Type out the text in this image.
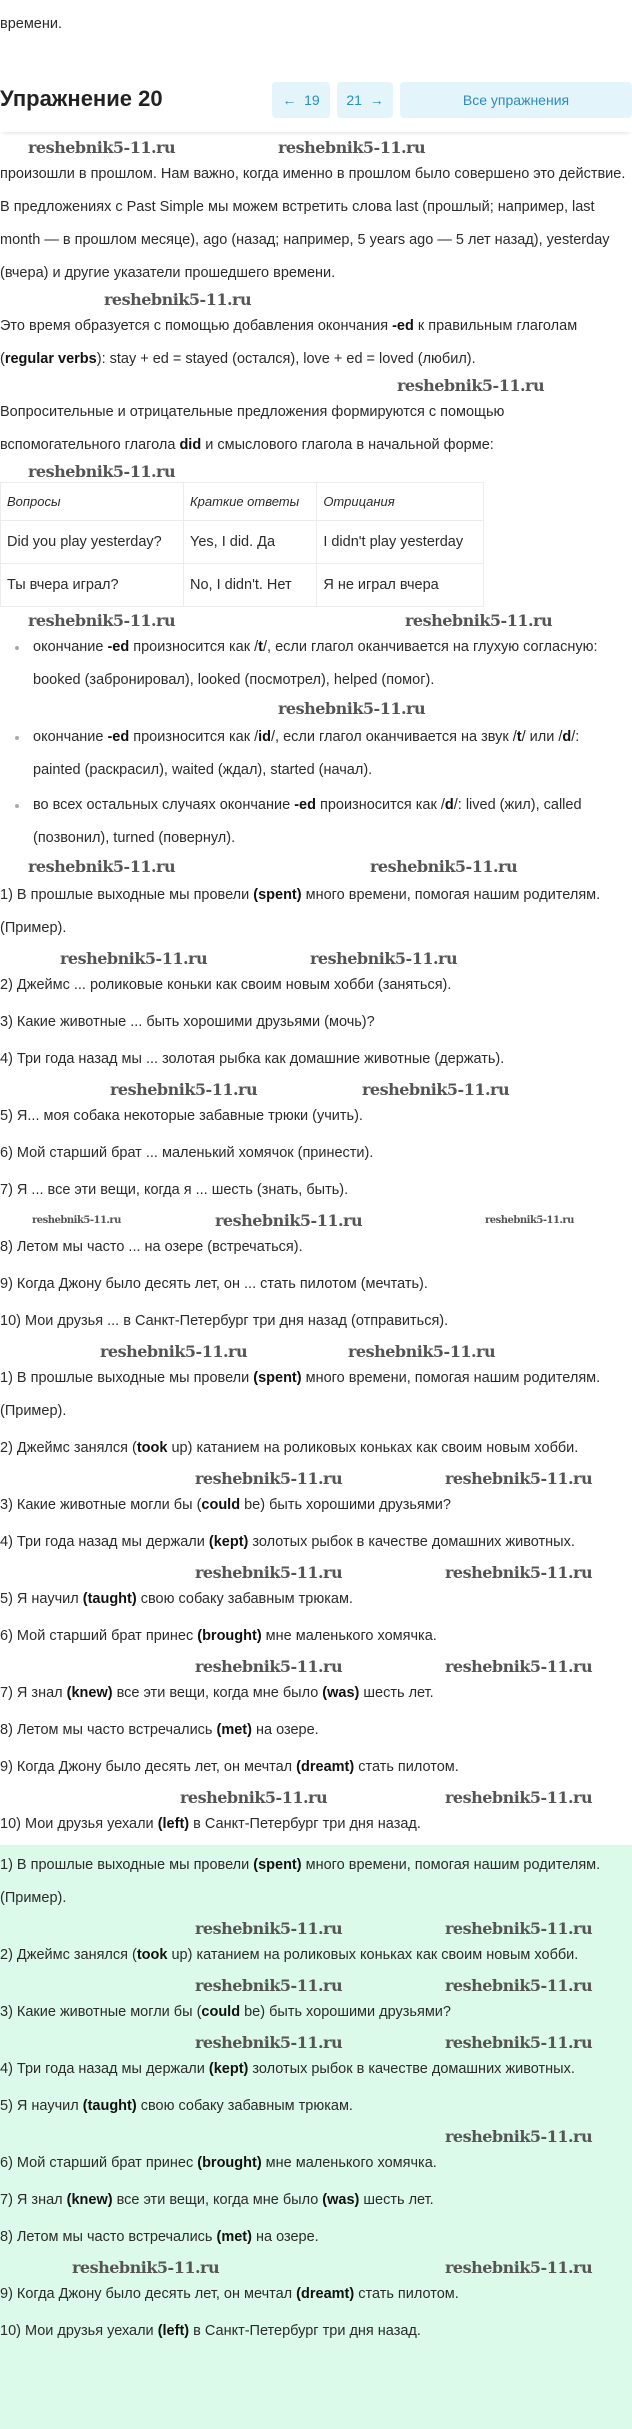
времени.
Упражнение 20	← 19	21 →	Все упражнения
reshebnik5-11.ru	reshebnik5-11.ru

произошли в прошлом. Нам важно, когда именно в прошлом было совершено это действие. В предложениях с Past Simple мы можем встретить слова last (прошлый; например, last month — в прошлом месяце), ago (назад; например, 5 years ago — 5 лет назад), yesterday (вчера) и другие указатели прошедшего времени.

reshebnik5-11.ru

Это время образуется с помощью добавления окончания -ed к правильным глаголам (regular verbs): stay + ed = stayed (остался), love + ed = loved (любил).

reshebnik5-11.ru

Вопросительные и отрицательные предложения формируются с помощью вспомогательного глагола did и смыслового глагола в начальной форме:

reshebnik5-11.ru
Вопросы	Краткие ответы	Отрицания
Did you play yesterday?	Yes, I did. Да	I didn't play yesterday
Ты вчера играл?	No, I didn't. Нет	Я не играл вчера
reshebnik5-11.ru	reshebnik5-11.ru
окончание -ed произносится как /t/, если глагол оканчивается на глухую согласную: booked (забронировал), looked (посмотрел), helped (помог).
reshebnik5-11.ru
окончание -ed произносится как /id/, если глагол оканчивается на звук /t/ или /d/: painted (раскрасил), waited (ждал), started (начал).
во всех остальных случаях окончание -ed произносится как /d/: lived (жил), called (позвонил), turned (повернул).
reshebnik5-11.ru	reshebnik5-11.ru
1) В прошлые выходные мы провели (spent) много времени, помогая нашим родителям. (Пример).
reshebnik5-11.ru	reshebnik5-11.ru
2) Джеймс ... роликовые коньки как своим новым хобби (заняться).
3) Какие животные ... быть хорошими друзьями (мочь)?
4) Три года назад мы ... золотая рыбка как домашние животные (держать).
reshebnik5-11.ru	reshebnik5-11.ru
5) Я... моя собака некоторые забавные трюки (учить).
6) Мой старший брат ... маленький хомячок (принести).
7) Я ... все эти вещи, когда я ... шесть (знать, быть).
reshebnik5-11.ru	reshebnik5-11.ru	reshebnik5-11.ru
8) Летом мы часто ... на озере (встречаться).
9) Когда Джону было десять лет, он ... стать пилотом (мечтать).
10) Мои друзья ... в Санкт-Петербург три дня назад (отправиться).
reshebnik5-11.ru	reshebnik5-11.ru
1) В прошлые выходные мы провели (spent) много времени, помогая нашим родителям. (Пример).
2) Джеймс занялся (took up) катанием на роликовых коньках как своим новым хобби.
reshebnik5-11.ru	reshebnik5-11.ru
3) Какие животные могли бы (could be) быть хорошими друзьями?
4) Три года назад мы держали (kept) золотых рыбок в качестве домашних животных.
reshebnik5-11.ru	reshebnik5-11.ru
5) Я научил (taught) свою собаку забавным трюкам.
6) Мой старший брат принес (brought) мне маленького хомячка.
reshebnik5-11.ru	reshebnik5-11.ru
7) Я знал (knew) все эти вещи, когда мне было (was) шесть лет.
8) Летом мы часто встречались (met) на озере.
9) Когда Джону было десять лет, он мечтал (dreamt) стать пилотом.
reshebnik5-11.ru	reshebnik5-11.ru
10) Мои друзья уехали (left) в Санкт-Петербург три дня назад.
1) В прошлые выходные мы провели (spent) много времени, помогая нашим родителям. (Пример).
reshebnik5-11.ru	reshebnik5-11.ru
2) Джеймс занялся (took up) катанием на роликовых коньках как своим новым хобби.
reshebnik5-11.ru	reshebnik5-11.ru
3) Какие животные могли бы (could be) быть хорошими друзьями?
reshebnik5-11.ru	reshebnik5-11.ru
4) Три года назад мы держали (kept) золотых рыбок в качестве домашних животных.
5) Я научил (taught) свою собаку забавным трюкам.
reshebnik5-11.ru
6) Мой старший брат принес (brought) мне маленького хомячка.
7) Я знал (knew) все эти вещи, когда мне было (was) шесть лет.
8) Летом мы часто встречались (met) на озере.
reshebnik5-11.ru	reshebnik5-11.ru
9) Когда Джону было десять лет, он мечтал (dreamt) стать пилотом.
10) Мои друзья уехали (left) в Санкт-Петербург три дня назад.
